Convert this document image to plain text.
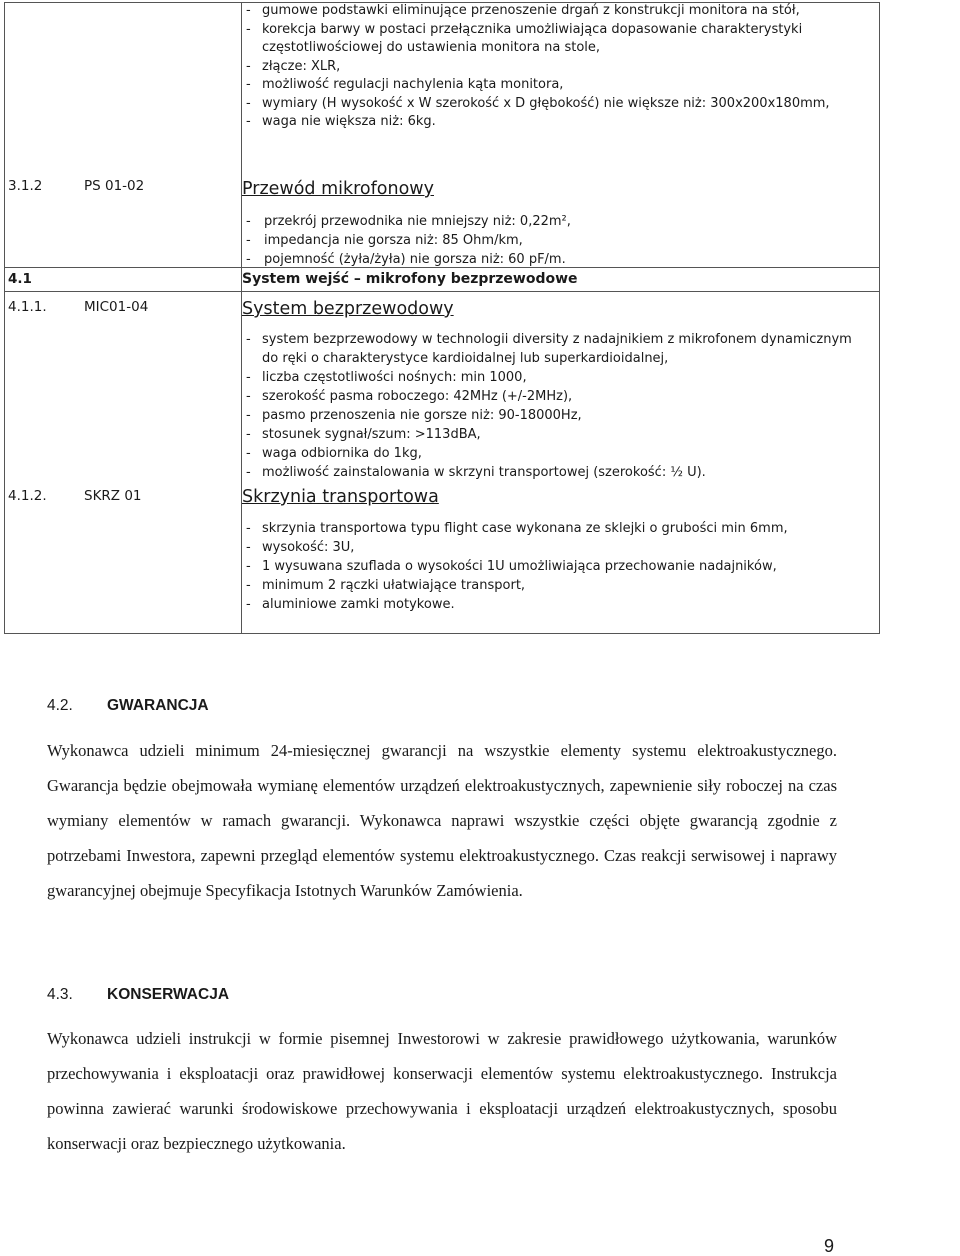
- gumowe podstawki eliminujące przenoszenie drgań z konstrukcji monitora na stół,
- korekcja barwy w postaci przełącznika umożliwiająca dopasowanie charakterystyki częstotliwościowej do ustawienia monitora na stole,
- złącze: XLR,
- możliwość regulacji nachylenia kąta monitora,
- wymiary (H wysokość x W szerokość x D głębokość) nie większe niż: 300x200x180mm,
- waga nie większa niż: 6kg.
3.1.2	PS 01-02	Przewód mikrofonowy
- przekrój przewodnika nie mniejszy niż: 0,22m²,
- impedancja nie gorsza niż: 85 Ohm/km,
- pojemność (żyła/żyła) nie gorsza niż: 60 pF/m.
4.1	System wejść – mikrofony bezprzewodowe
4.1.1.	MIC01-04	System bezprzewodowy
- system bezprzewodowy w technologii diversity z nadajnikiem z mikrofonem dynamicznym do ręki o charakterystyce kardioidalnej lub superkardioidalnej,
- liczba częstotliwości nośnych: min 1000,
- szerokość pasma roboczego: 42MHz (+/-2MHz),
- pasmo przenoszenia nie gorsze niż: 90-18000Hz,
- stosunek sygnał/szum: >113dBA,
- waga odbiornika do 1kg,
- możliwość zainstalowania w skrzyni transportowej (szerokość: ½ U).
4.1.2.	SKRZ 01	Skrzynia transportowa
- skrzynia transportowa typu flight case wykonana ze sklejki o grubości min 6mm,
- wysokość: 3U,
- 1 wysuwana szuflada o wysokości 1U umożliwiająca przechowanie nadajników,
- minimum 2 rączki ułatwiające transport,
- aluminiowe zamki motykowe.
4.2. GWARANCJA

Wykonawca udzieli minimum 24-miesięcznej gwarancji na wszystkie elementy systemu elektroakustycznego. Gwarancja będzie obejmowała wymianę elementów urządzeń elektroakustycznych, zapewnienie siły roboczej na czas wymiany elementów w ramach gwarancji. Wykonawca naprawi wszystkie części objęte gwarancją zgodnie z potrzebami Inwestora, zapewni przegląd elementów systemu elektroakustycznego. Czas reakcji serwisowej i naprawy gwarancyjnej obejmuje Specyfikacja Istotnych Warunków Zamówienia.

4.3. KONSERWACJA

Wykonawca udzieli instrukcji w formie pisemnej Inwestorowi w zakresie prawidłowego użytkowania, warunków przechowywania i eksploatacji oraz prawidłowej konserwacji elementów systemu elektroakustycznego. Instrukcja powinna zawierać warunki środowiskowe przechowywania i eksploatacji urządzeń elektroakustycznych, sposobu konserwacji oraz bezpiecznego użytkowania.

9
